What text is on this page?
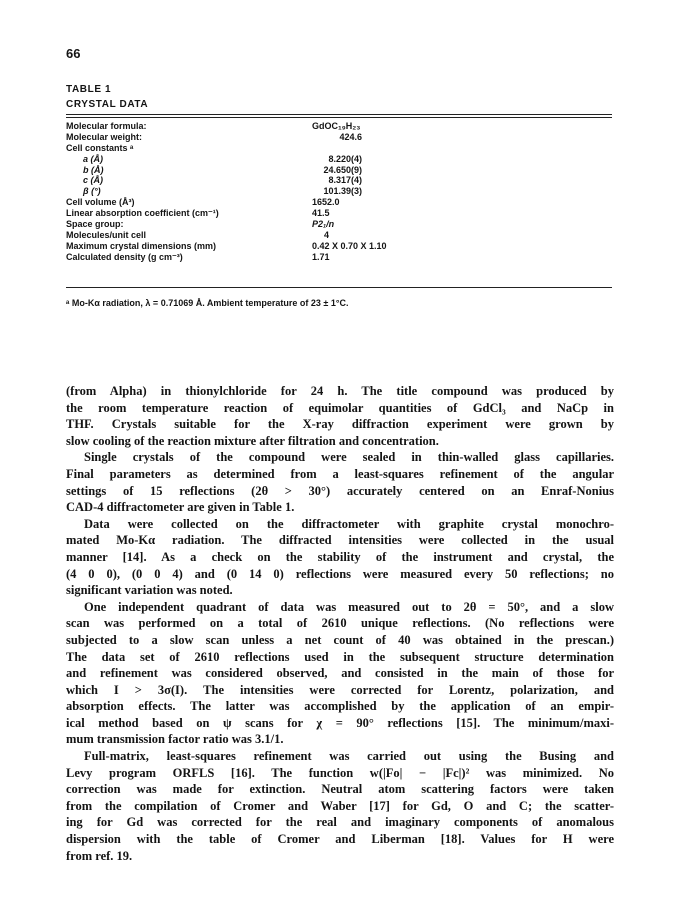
66
TABLE 1
CRYSTAL DATA
Molecular formula:	GdOC₁₉H₂₃
Molecular weight:	424.6
Cell constants ᵃ
a (Å)	8.220(4)
b (Å)	24.650(9)
c (Å)	8.317(4)
β (°)	101.39(3)
Cell volume (Å³)	1652.0
Linear absorption coefficient (cm⁻¹)	41.5
Space group:	P2₁/n
Molecules/unit cell	4
Maximum crystal dimensions (mm)	0.42 X 0.70 X 1.10
Calculated density (g cm⁻³)	1.71
ᵃ Mo-Kα radiation, λ = 0.71069 Å. Ambient temperature of 23 ± 1°C.
(from Alpha) in thionylchloride for 24 h. The title compound was produced by
the room temperature reaction of equimolar quantities of GdCl₃ and NaCp in
THF. Crystals suitable for the X-ray diffraction experiment were grown by
slow cooling of the reaction mixture after filtration and concentration.
Single crystals of the compound were sealed in thin-walled glass capillaries.
Final parameters as determined from a least-squares refinement of the angular
settings of 15 reflections (2θ > 30°) accurately centered on an Enraf-Nonius
CAD-4 diffractometer are given in Table 1.
Data were collected on the diffractometer with graphite crystal monochro-
mated Mo-Kα radiation. The diffracted intensities were collected in the usual
manner [14]. As a check on the stability of the instrument and crystal, the
(4 0 0), (0 0 4) and (0 14 0) reflections were measured every 50 reflections; no
significant variation was noted.
One independent quadrant of data was measured out to 2θ = 50°, and a slow
scan was performed on a total of 2610 unique reflections. (No reflections were
subjected to a slow scan unless a net count of 40 was obtained in the prescan.)
The data set of 2610 reflections used in the subsequent structure determination
and refinement was considered observed, and consisted in the main of those for
which I > 3σ(I). The intensities were corrected for Lorentz, polarization, and
absorption effects. The latter was accomplished by the application of an empir-
ical method based on ψ scans for χ = 90° reflections [15]. The minimum/maxi-
mum transmission factor ratio was 3.1/1.
Full-matrix, least-squares refinement was carried out using the Busing and
Levy program ORFLS [16]. The function w(|Fo| − |Fc|)² was minimized. No
correction was made for extinction. Neutral atom scattering factors were taken
from the compilation of Cromer and Waber [17] for Gd, O and C; the scatter-
ing for Gd was corrected for the real and imaginary components of anomalous
dispersion with the table of Cromer and Liberman [18]. Values for H were
from ref. 19.
